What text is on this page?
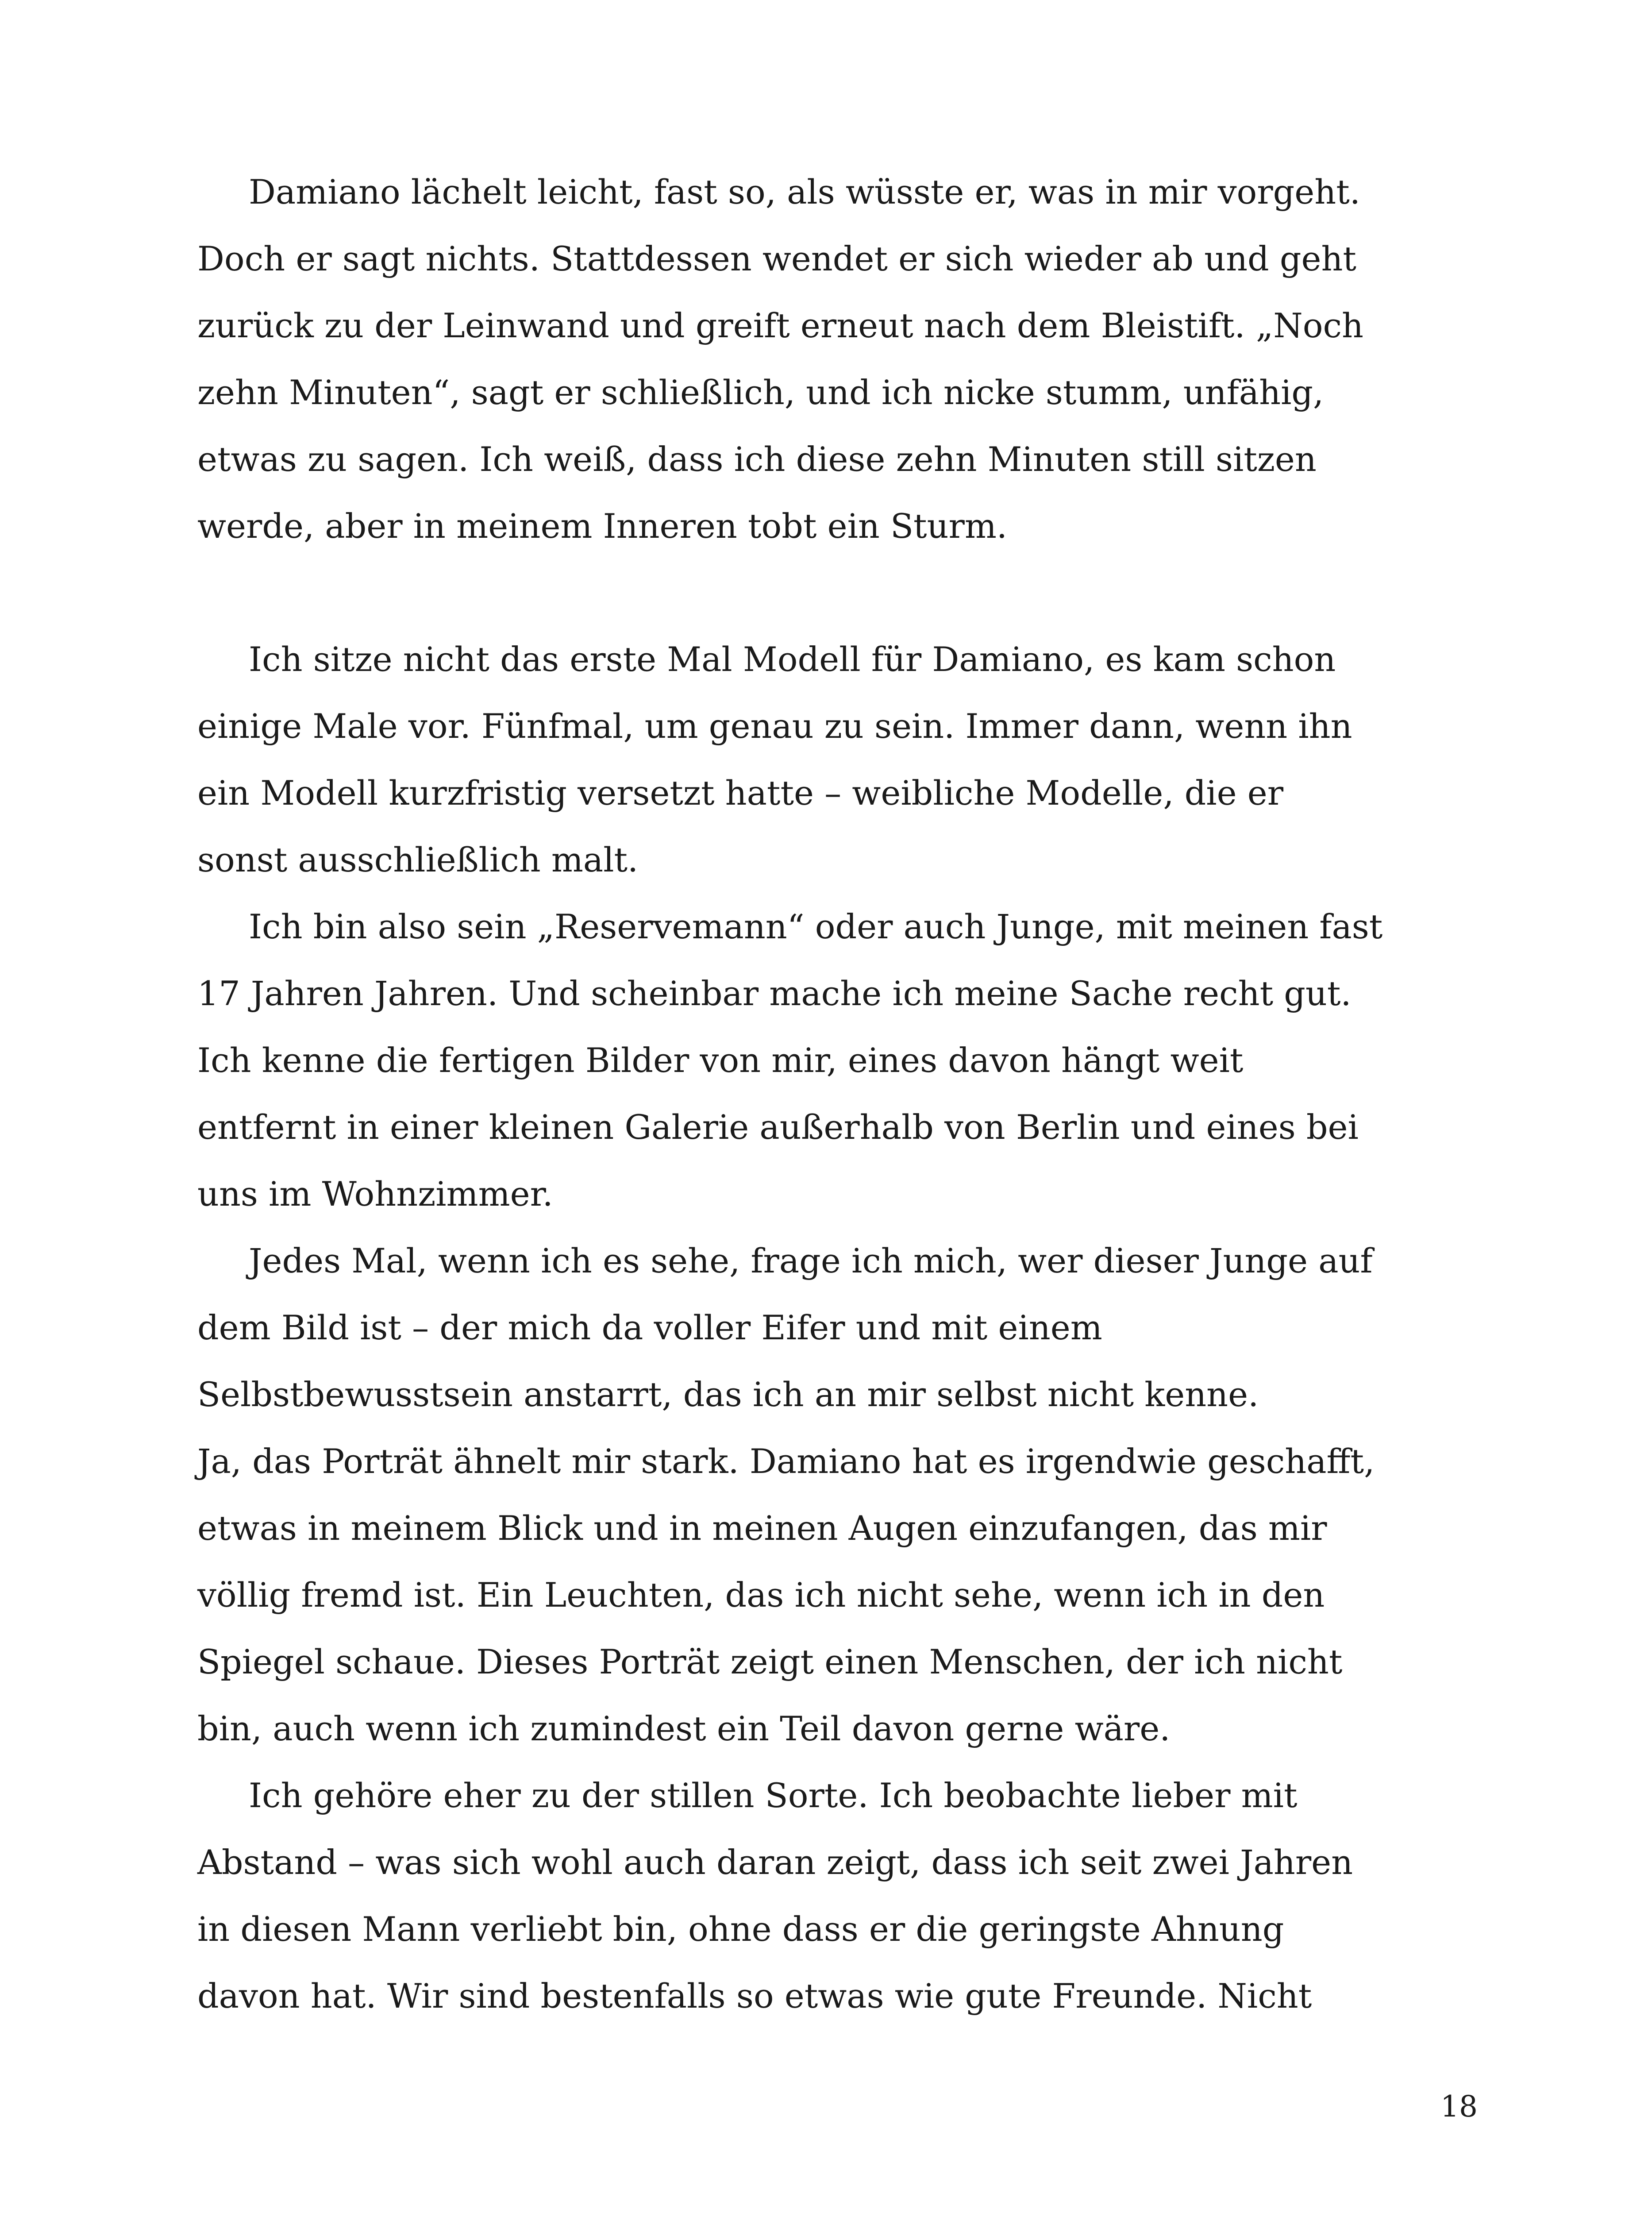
Damiano lächelt leicht, fast so, als wüsste er, was in mir vorgeht.

Doch er sagt nichts. Stattdessen wendet er sich wieder ab und geht

zurück zu der Leinwand und greift erneut nach dem Bleistift. „Noch

zehn Minuten“, sagt er schließlich, und ich nicke stumm, unfähig,

etwas zu sagen. Ich weiß, dass ich diese zehn Minuten still sitzen

werde, aber in meinem Inneren tobt ein Sturm.

Ich sitze nicht das erste Mal Modell für Damiano, es kam schon

einige Male vor. Fünfmal, um genau zu sein. Immer dann, wenn ihn

ein Modell kurzfristig versetzt hatte – weibliche Modelle, die er

sonst ausschließlich malt.

Ich bin also sein „Reservemann“ oder auch Junge, mit meinen fast

17 Jahren Jahren. Und scheinbar mache ich meine Sache recht gut.

Ich kenne die fertigen Bilder von mir, eines davon hängt weit

entfernt in einer kleinen Galerie außerhalb von Berlin und eines bei

uns im Wohnzimmer.

Jedes Mal, wenn ich es sehe, frage ich mich, wer dieser Junge auf

dem Bild ist – der mich da voller Eifer und mit einem

Selbstbewusstsein anstarrt, das ich an mir selbst nicht kenne.

Ja, das Porträt ähnelt mir stark. Damiano hat es irgendwie geschafft,

etwas in meinem Blick und in meinen Augen einzufangen, das mir

völlig fremd ist. Ein Leuchten, das ich nicht sehe, wenn ich in den

Spiegel schaue. Dieses Porträt zeigt einen Menschen, der ich nicht

bin, auch wenn ich zumindest ein Teil davon gerne wäre.

Ich gehöre eher zu der stillen Sorte. Ich beobachte lieber mit

Abstand – was sich wohl auch daran zeigt, dass ich seit zwei Jahren

in diesen Mann verliebt bin, ohne dass er die geringste Ahnung

davon hat. Wir sind bestenfalls so etwas wie gute Freunde. Nicht

18
